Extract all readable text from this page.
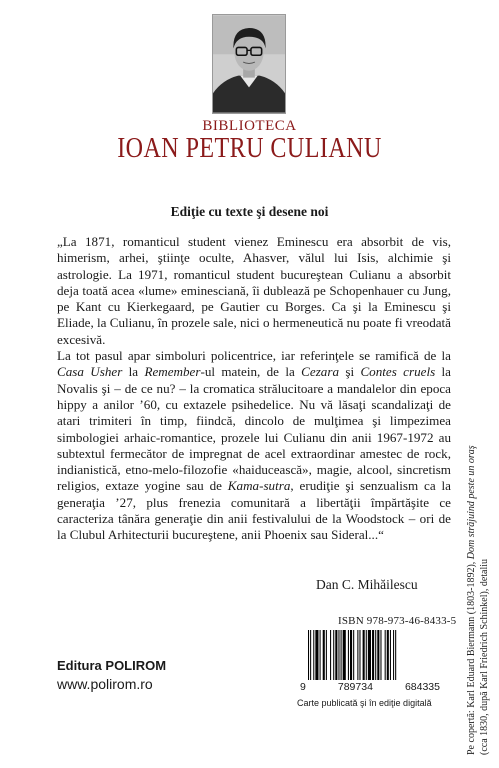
BIBLIOTECA
IOAN PETRU CULIANU
Ediţie cu texte şi desene noi

„La 1871, romanticul student vienez Eminescu era absorbit de vis, himerism, arhei, ştiinţe oculte, Ahasver, vălul lui Isis, alchimie şi astrologie. La 1971, romanticul student bucureştean Culianu a absorbit deja toată acea «lume» eminesciană, îi dublează pe Schopenhauer cu Jung, pe Kant cu Kierkegaard, pe Gautier cu Borges. Ca şi la Eminescu şi Eliade, la Culianu, în prozele sale, nici o hermeneutică nu poate fi vreodată excesivă.

La tot pasul apar simboluri policentrice, iar referinţele se ramifică de la Casa Usher la Remember-ul matein, de la Cezara şi Contes cruels la Novalis şi – de ce nu? – la cromatica strălucitoare a mandalelor din epoca hippy a anilor ’60, cu extazele psihedelice. Nu vă lăsaţi scandalizaţi de atari trimiteri în timp, fiindcă, dincolo de mulţimea şi limpezimea simbologiei arhaic-romantice, prozele lui Culianu din anii 1967-1972 au subtextul fermecător de impregnat de acel extraordinar amestec de rock, indianistică, etno-melo-filozofie «haiducească», magie, alcool, sincretism religios, extaze yogine sau de Kama-sutra, erudiţie şi senzualism ca la generaţia ’27, plus frenezia comunitară a libertăţii împărtăşite ce caracteriza tânăra generaţie din anii festivalului de la Woodstock – ori de la Clubul Arhitecturii bucureştene, anii Phoenix sau Sideral...“

Dan C. Mihăilescu
ISBN 978-973-46-8433-5
9	789734	684335
Carte publicată şi în ediţie digitală
Editura POLIROM
www.polirom.ro	Pe copertă: Karl Eduard Biermann (1803-1892), Dom străjuind peste un oraş
(cca 1830, după Karl Friedrich Schinkel), detaliu
